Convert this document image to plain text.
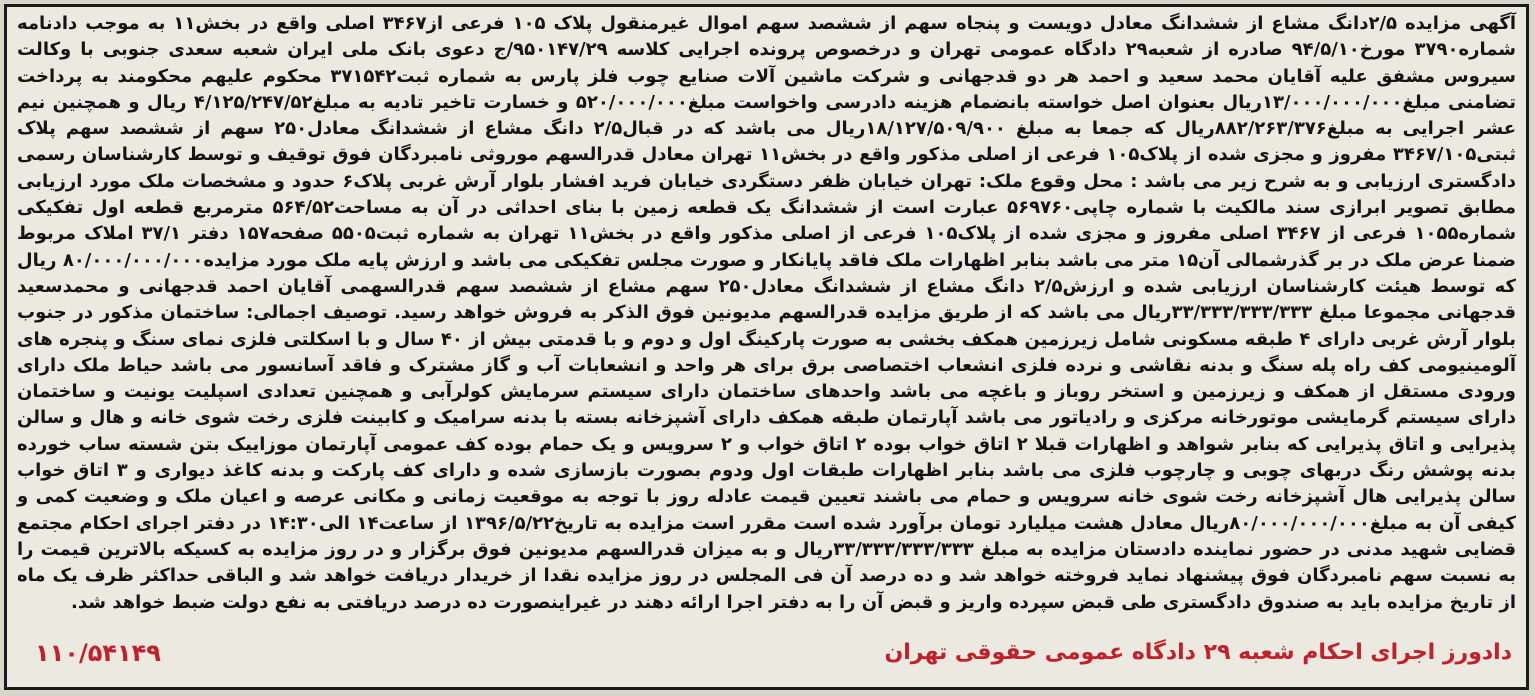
آگهی مزایده ۲/۵دانگ مشاع از ششدانگ معادل دویست و پنجاه سهم از ششصد سهم اموال غیرمنقول پلاک ۱۰۵ فرعی از۳۴۶۷ اصلی واقع در بخش۱۱ به موجب دادنامه شماره۳۷۹۰ مورخ۹۴/۵/۱۰ صادره از شعبه۲۹ دادگاه عمومی تهران و درخصوص پرونده اجرایی کلاسه ۹۵۰۱۴۷/۲۹/ج دعوی بانک ملی ایران شعبه سعدی جنوبی با وکالت سیروس مشفق علیه آقایان محمد سعید و احمد هر دو قدجهانی و شرکت ماشین آلات صنایع چوب فلز پارس به شماره ثبت۳۷۱۵۴۲ محکوم علیهم محکومند به پرداخت تضامنی مبلغ۱۳/۰۰۰/۰۰۰/۰۰۰ریال بعنوان اصل خواسته بانضمام هزینه دادرسی واخواست مبلغ۵۲۰/۰۰۰/۰۰۰ و خسارت تاخیر تادیه به مبلغ۴/۱۲۵/۲۴۷/۵۲ ریال و همچنین نیم عشر اجرایی به مبلغ۸۸۲/۲۶۳/۳۷۶ریال که جمعا به مبلغ ۱۸/۱۲۷/۵۰۹/۹۰۰ریال می باشد که در قبال۲/۵ دانگ مشاع از ششدانگ معادل۲۵۰ سهم از ششصد سهم پلاک ثبتی۳۴۶۷/۱۰۵ مفروز و مجزی شده از پلاک۱۰۵ فرعی از اصلی مذکور واقع در بخش۱۱ تهران معادل قدرالسهم موروثی نامبردگان فوق توقیف و توسط کارشناسان رسمی دادگستری ارزیابی و به شرح زیر می باشد : محل وقوع ملک: تهران خیابان ظفر دستگردی خیابان فرید افشار بلوار آرش غربی پلاک۶ حدود و مشخصات ملک مورد ارزیابی مطابق تصویر ابرازی سند مالکیت با شماره چاپی۵۶۹۷۶۰ عبارت است از ششدانگ یک قطعه زمین با بنای احداثی در آن به مساحت۵۶۴/۵۲ مترمربع قطعه اول تفکیکی شماره۱۰۵۵ فرعی از ۳۴۶۷ اصلی مفروز و مجزی شده از پلاک۱۰۵ فرعی از اصلی مذکور واقع در بخش۱۱ تهران به شماره ثبت۵۵۰۵ صفحه۱۵۷ دفتر ۳۷/۱ املاک مربوط ضمنا عرض ملک در بر گذرشمالی آن۱۵ متر می باشد بنابر اظهارات ملک فاقد پایانکار و صورت مجلس تفکیکی می باشد و ارزش پایه ملک مورد مزایده۸۰/۰۰۰/۰۰۰/۰۰۰ ریال که توسط هیئت کارشناسان ارزیابی شده و ارزش۲/۵ دانگ مشاع از ششدانگ معادل۲۵۰ سهم مشاع از ششصد سهم قدرالسهمی آقایان احمد قدجهانی و محمدسعید قدجهانی مجموعا مبلغ ۳۳/۳۳۳/۳۳۳/۳۳۳ریال می باشد که از طریق مزایده قدرالسهم مدیونین فوق الذکر به فروش خواهد رسید. توصیف اجمالی: ساختمان مذکور در جنوب بلوار آرش غربی دارای ۴ طبقه مسکونی شامل زیرزمین همکف بخشی به صورت پارکینگ اول و دوم و با قدمتی بیش از ۴۰ سال و با اسکلتی فلزی نمای سنگ و پنجره های آلومینیومی کف راه پله سنگ و بدنه نقاشی و نرده فلزی انشعاب اختصاصی برق برای هر واحد و انشعابات آب و گاز مشترک و فاقد آسانسور می باشد حیاط ملک دارای ورودی مستقل از همکف و زیرزمین و استخر روباز و باغچه می باشد واحدهای ساختمان دارای سیستم سرمایش کولرآبی و همچنین تعدادی اسپلیت یونیت و ساختمان دارای سیستم گرمایشی موتورخانه مرکزی و رادیاتور می باشد آپارتمان طبقه همکف دارای آشپزخانه بسته با بدنه سرامیک و کابینت فلزی رخت شوی خانه و هال و سالن پذیرایی و اتاق پذیرایی که بنابر شواهد و اظهارات قبلا ۲ اتاق خواب بوده ۲ اتاق خواب و ۲ سرویس و یک حمام بوده کف عمومی آپارتمان موزاییک بتن شسته ساب خورده بدنه پوشش رنگ دربهای چوبی و چارچوب فلزی می باشد بنابر اظهارات طبقات اول ودوم بصورت بازسازی شده و دارای کف پارکت و بدنه کاغذ دیواری و ۳ اتاق خواب سالن پذیرایی هال آشپزخانه رخت شوی خانه سرویس و حمام می باشند تعیین قیمت عادله روز با توجه به موقعیت زمانی و مکانی عرصه و اعیان ملک و وضعیت کمی و کیفی آن به مبلغ۸۰/۰۰۰/۰۰۰/۰۰۰ریال معادل هشت میلیارد تومان برآورد شده است مقرر است مزایده به تاریخ۱۳۹۶/۵/۲۲ از ساعت۱۴ الی۱۴:۳۰ در دفتر اجرای احکام مجتمع قضایی شهید مدنی در حضور نماینده دادستان مزایده به مبلغ ۳۳/۳۳۳/۳۳۳/۳۳۳ریال و به میزان قدرالسهم مدیونین فوق برگزار و در روز مزایده به کسیکه بالاترین قیمت را به نسبت سهم نامبردگان فوق پیشنهاد نماید فروخته خواهد شد و ده درصد آن فی المجلس در روز مزایده نقدا از خریدار دریافت خواهد شد و الباقی حداکثر ظرف یک ماه از تاریخ مزایده باید به صندوق دادگستری طی قبض سپرده واریز و قبض آن را به دفتر اجرا ارائه دهند در غیراینصورت ده درصد دریافتی به نفع دولت ضبط خواهد شد.
دادورز اجرای احکام شعبه ۲۹ دادگاه عمومی حقوقی تهران
۱۱۰/۵۴۱۴۹
